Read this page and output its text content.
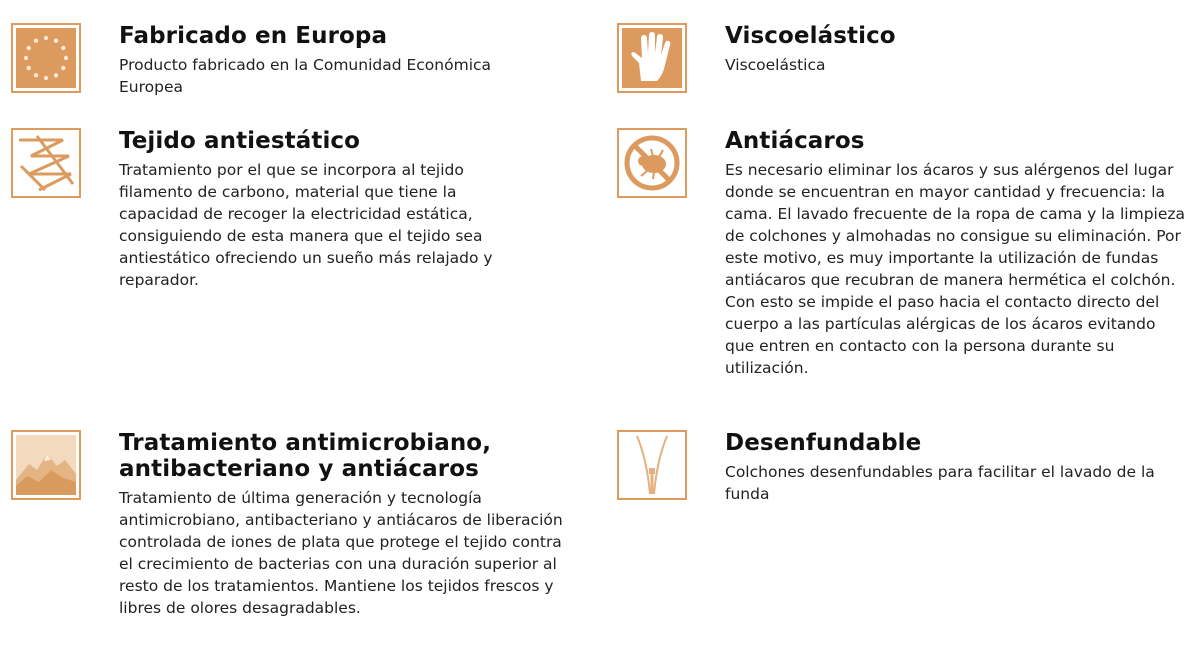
Fabricado en Europa

Producto fabricado en la Comunidad Económica Europea

Viscoelástico

Viscoelástica

Tejido antiestático

Tratamiento por el que se incorpora al tejido filamento de carbono, material que tiene la capacidad de recoger la electricidad estática, consiguiendo de esta manera que el tejido sea antiestático ofreciendo un sueño más relajado y reparador.

Antiácaros

Es necesario eliminar los ácaros y sus alérgenos del lugar donde se encuentran en mayor cantidad y frecuencia: la cama. El lavado frecuente de la ropa de cama y la limpieza de colchones y almohadas no consigue su eliminación. Por este motivo, es muy importante la utilización de fundas antiácaros que recubran de manera hermética el colchón. Con esto se impide el paso hacia el contacto directo del cuerpo a las partículas alérgicas de los ácaros evitando que entren en contacto con la persona durante su utilización.

Tratamiento antimicrobiano, antibacteriano y antiácaros

Tratamiento de última generación y tecnología antimicrobiano, antibacteriano y antiácaros de liberación controlada de iones de plata que protege el tejido contra el crecimiento de bacterias con una duración superior al resto de los tratamientos. Mantiene los tejidos frescos y libres de olores desagradables.

Desenfundable

Colchones desenfundables para facilitar el lavado de la funda
